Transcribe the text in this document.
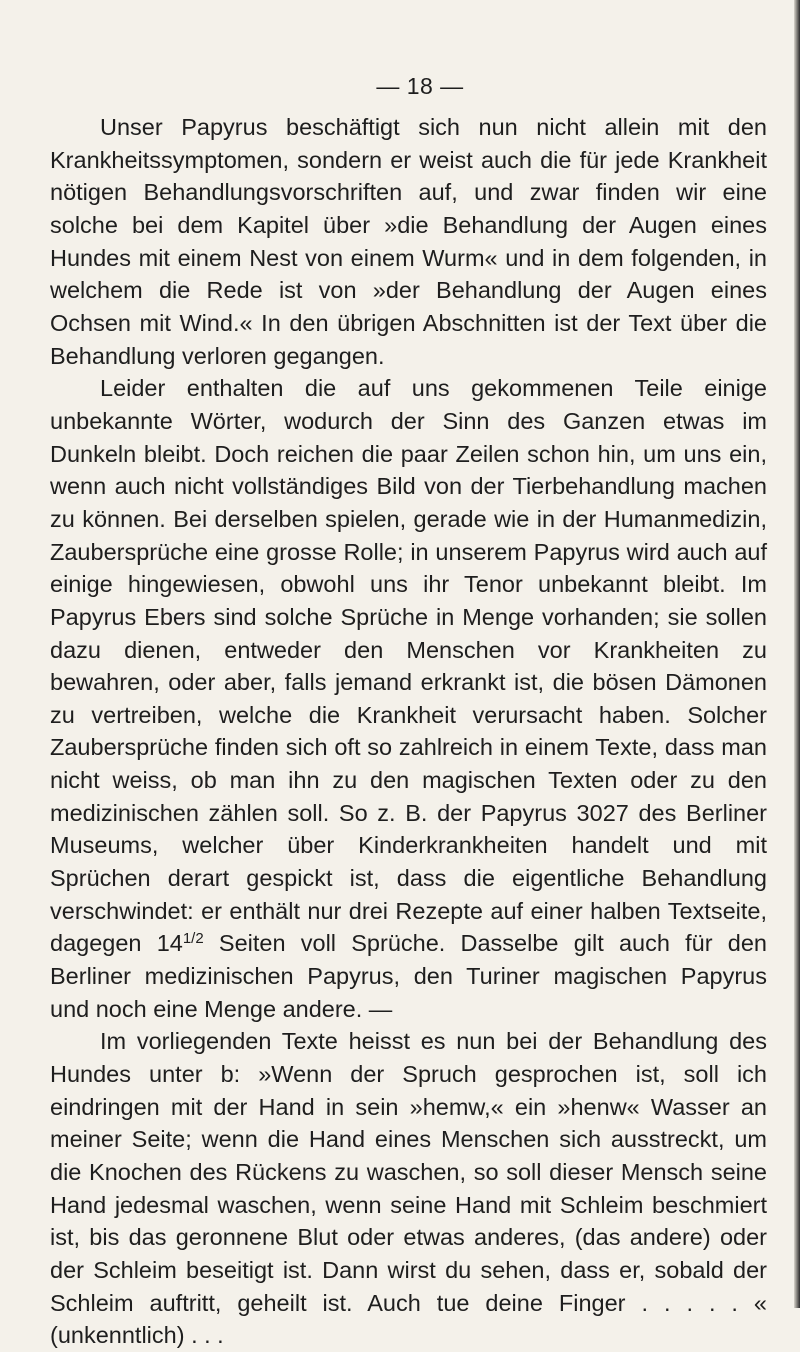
— 18 —

Unser Papyrus beschäftigt sich nun nicht allein mit den Krankheitssymptomen, sondern er weist auch die für jede Krankheit nötigen Behandlungsvorschriften auf, und zwar finden wir eine solche bei dem Kapitel über »die Behandlung der Augen eines Hundes mit einem Nest von einem Wurm« und in dem folgenden, in welchem die Rede ist von »der Behandlung der Augen eines Ochsen mit Wind.« In den übrigen Abschnitten ist der Text über die Behandlung verloren gegangen.

Leider enthalten die auf uns gekommenen Teile einige unbekannte Wörter, wodurch der Sinn des Ganzen etwas im Dunkeln bleibt. Doch reichen die paar Zeilen schon hin, um uns ein, wenn auch nicht vollständiges Bild von der Tierbehandlung machen zu können. Bei derselben spielen, gerade wie in der Humanmedizin, Zaubersprüche eine grosse Rolle; in unserem Papyrus wird auch auf einige hingewiesen, obwohl uns ihr Tenor unbekannt bleibt. Im Papyrus Ebers sind solche Sprüche in Menge vorhanden; sie sollen dazu dienen, entweder den Menschen vor Krankheiten zu bewahren, oder aber, falls jemand erkrankt ist, die bösen Dämonen zu vertreiben, welche die Krankheit verursacht haben. Solcher Zaubersprüche finden sich oft so zahlreich in einem Texte, dass man nicht weiss, ob man ihn zu den magischen Texten oder zu den medizinischen zählen soll. So z. B. der Papyrus 3027 des Berliner Museums, welcher über Kinderkrankheiten handelt und mit Sprüchen derart gespickt ist, dass die eigentliche Behandlung verschwindet: er enthält nur drei Rezepte auf einer halben Textseite, dagegen $14^{1/2}$ Seiten voll Sprüche. Dasselbe gilt auch für den Berliner medizinischen Papyrus, den Turiner magischen Papyrus und noch eine Menge andere. —

Im vorliegenden Texte heisst es nun bei der Behandlung des Hundes unter b: »Wenn der Spruch gesprochen ist, soll ich eindringen mit der Hand in sein »hemw,« ein »henw« Wasser an meiner Seite; wenn die Hand eines Menschen sich ausstreckt, um die Knochen des Rückens zu waschen, so soll dieser Mensch seine Hand jedesmal waschen, wenn seine Hand mit Schleim beschmiert ist, bis das geronnene Blut oder etwas anderes, (das andere) oder der Schleim beseitigt ist. Dann wirst du sehen, dass er, sobald der Schleim auftritt, geheilt ist. Auch tue deine Finger . . . . . « (unkenntlich) . . .
